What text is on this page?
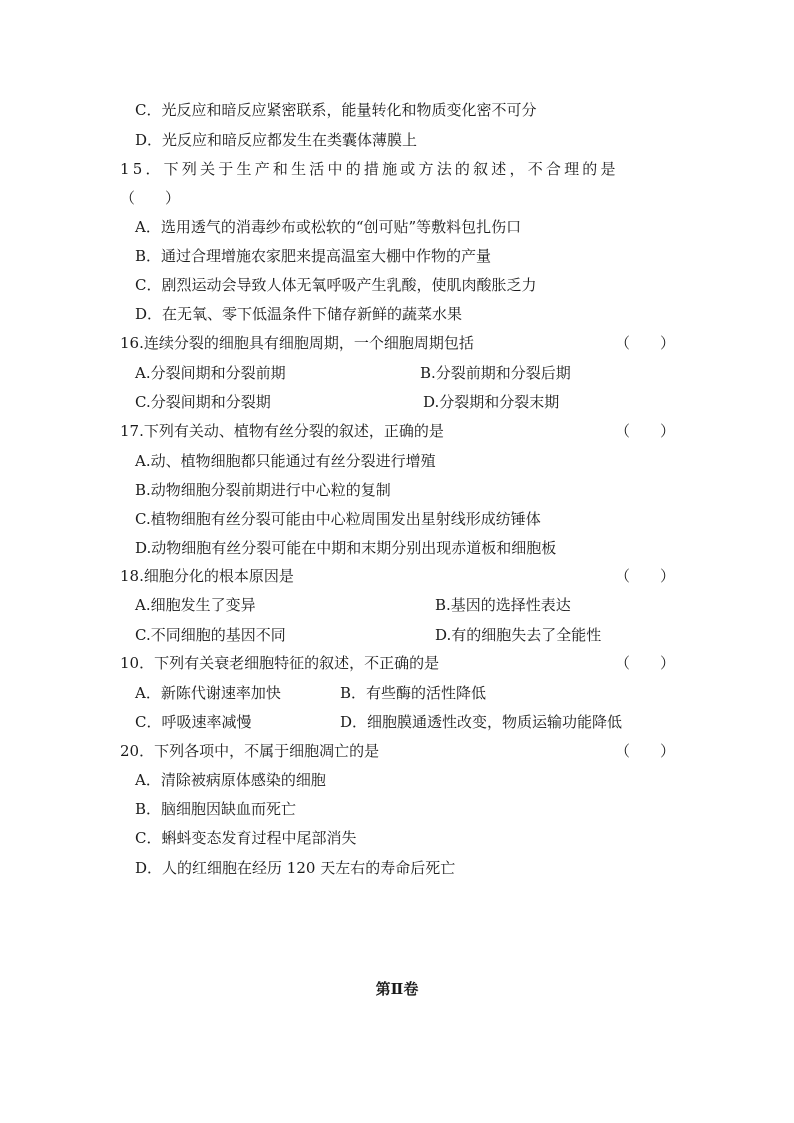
C．光反应和暗反应紧密联系，能量转化和物质变化密不可分
D．光反应和暗反应都发生在类囊体薄膜上
15．下列关于生产和生活中的措施或方法的叙述，不合理的是
（　　）
A．选用透气的消毒纱布或松软的“创可贴”等敷料包扎伤口
B．通过合理增施农家肥来提高温室大棚中作物的产量
C．剧烈运动会导致人体无氧呼吸产生乳酸，使肌肉酸胀乏力
D．在无氧、零下低温条件下储存新鲜的蔬菜水果
16.连续分裂的细胞具有细胞周期，一个细胞周期包括	（　　）
A.分裂间期和分裂前期	B.分裂前期和分裂后期
C.分裂间期和分裂期	D.分裂期和分裂末期
17.下列有关动、植物有丝分裂的叙述，正确的是	（　　）
A.动、植物细胞都只能通过有丝分裂进行增殖
B.动物细胞分裂前期进行中心粒的复制
C.植物细胞有丝分裂可能由中心粒周围发出星射线形成纺锤体
D.动物细胞有丝分裂可能在中期和末期分别出现赤道板和细胞板
18.细胞分化的根本原因是	（　　）
A.细胞发生了变异	B.基因的选择性表达
C.不同细胞的基因不同	D.有的细胞失去了全能性
10．下列有关衰老细胞特征的叙述，不正确的是	（　　）
A．新陈代谢速率加快	B．有些酶的活性降低
C．呼吸速率减慢	D．细胞膜通透性改变，物质运输功能降低
20．下列各项中，不属于细胞凋亡的是	（　　）
A．清除被病原体感染的细胞
B．脑细胞因缺血而死亡
C．蝌蚪变态发育过程中尾部消失
D．人的红细胞在经历 120 天左右的寿命后死亡
第Ⅱ卷
